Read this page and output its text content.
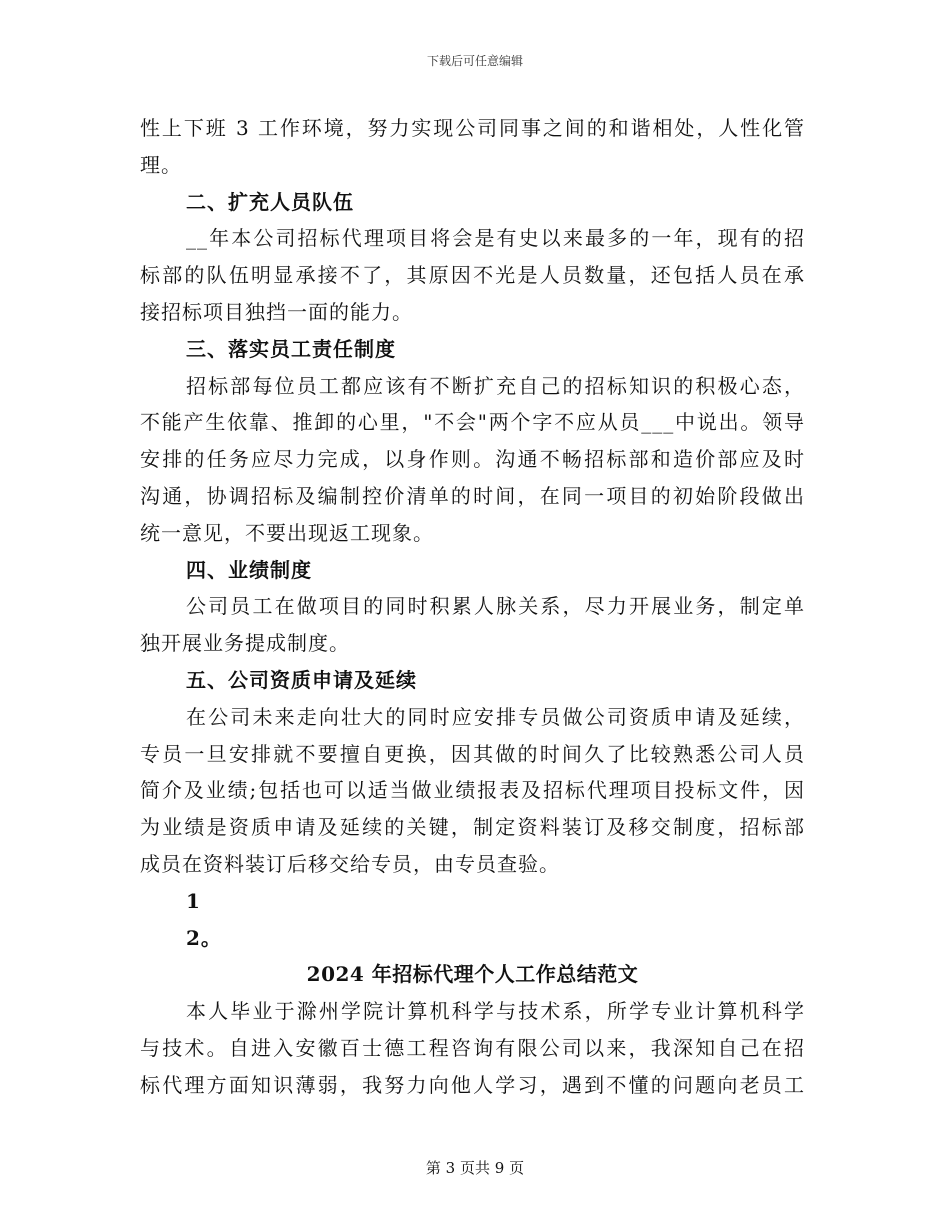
下载后可任意编辑
性上下班 3 工作环境，努力实现公司同事之间的和谐相处，人性化管
理。
二、扩充人员队伍
__年本公司招标代理项目将会是有史以来最多的一年，现有的招
标部的队伍明显承接不了，其原因不光是人员数量，还包括人员在承
接招标项目独挡一面的能力。
三、落实员工责任制度
招标部每位员工都应该有不断扩充自己的招标知识的积极心态，
不能产生依靠、推卸的心里，"不会"两个字不应从员___中说出。领导
安排的任务应尽力完成，以身作则。沟通不畅招标部和造价部应及时
沟通，协调招标及编制控价清单的时间，在同一项目的初始阶段做出
统一意见，不要出现返工现象。
四、业绩制度
公司员工在做项目的同时积累人脉关系，尽力开展业务，制定单
独开展业务提成制度。
五、公司资质申请及延续
在公司未来走向壮大的同时应安排专员做公司资质申请及延续，
专员一旦安排就不要擅自更换，因其做的时间久了比较熟悉公司人员
简介及业绩;包括也可以适当做业绩报表及招标代理项目投标文件，因
为业绩是资质申请及延续的关键，制定资料装订及移交制度，招标部
成员在资料装订后移交给专员，由专员查验。
1
2。
2024 年招标代理个人工作总结范文
本人毕业于滁州学院计算机科学与技术系，所学专业计算机科学
与技术。自进入安徽百士德工程咨询有限公司以来，我深知自己在招
标代理方面知识薄弱，我努力向他人学习，遇到不懂的问题向老员工
第 3 页共 9 页
